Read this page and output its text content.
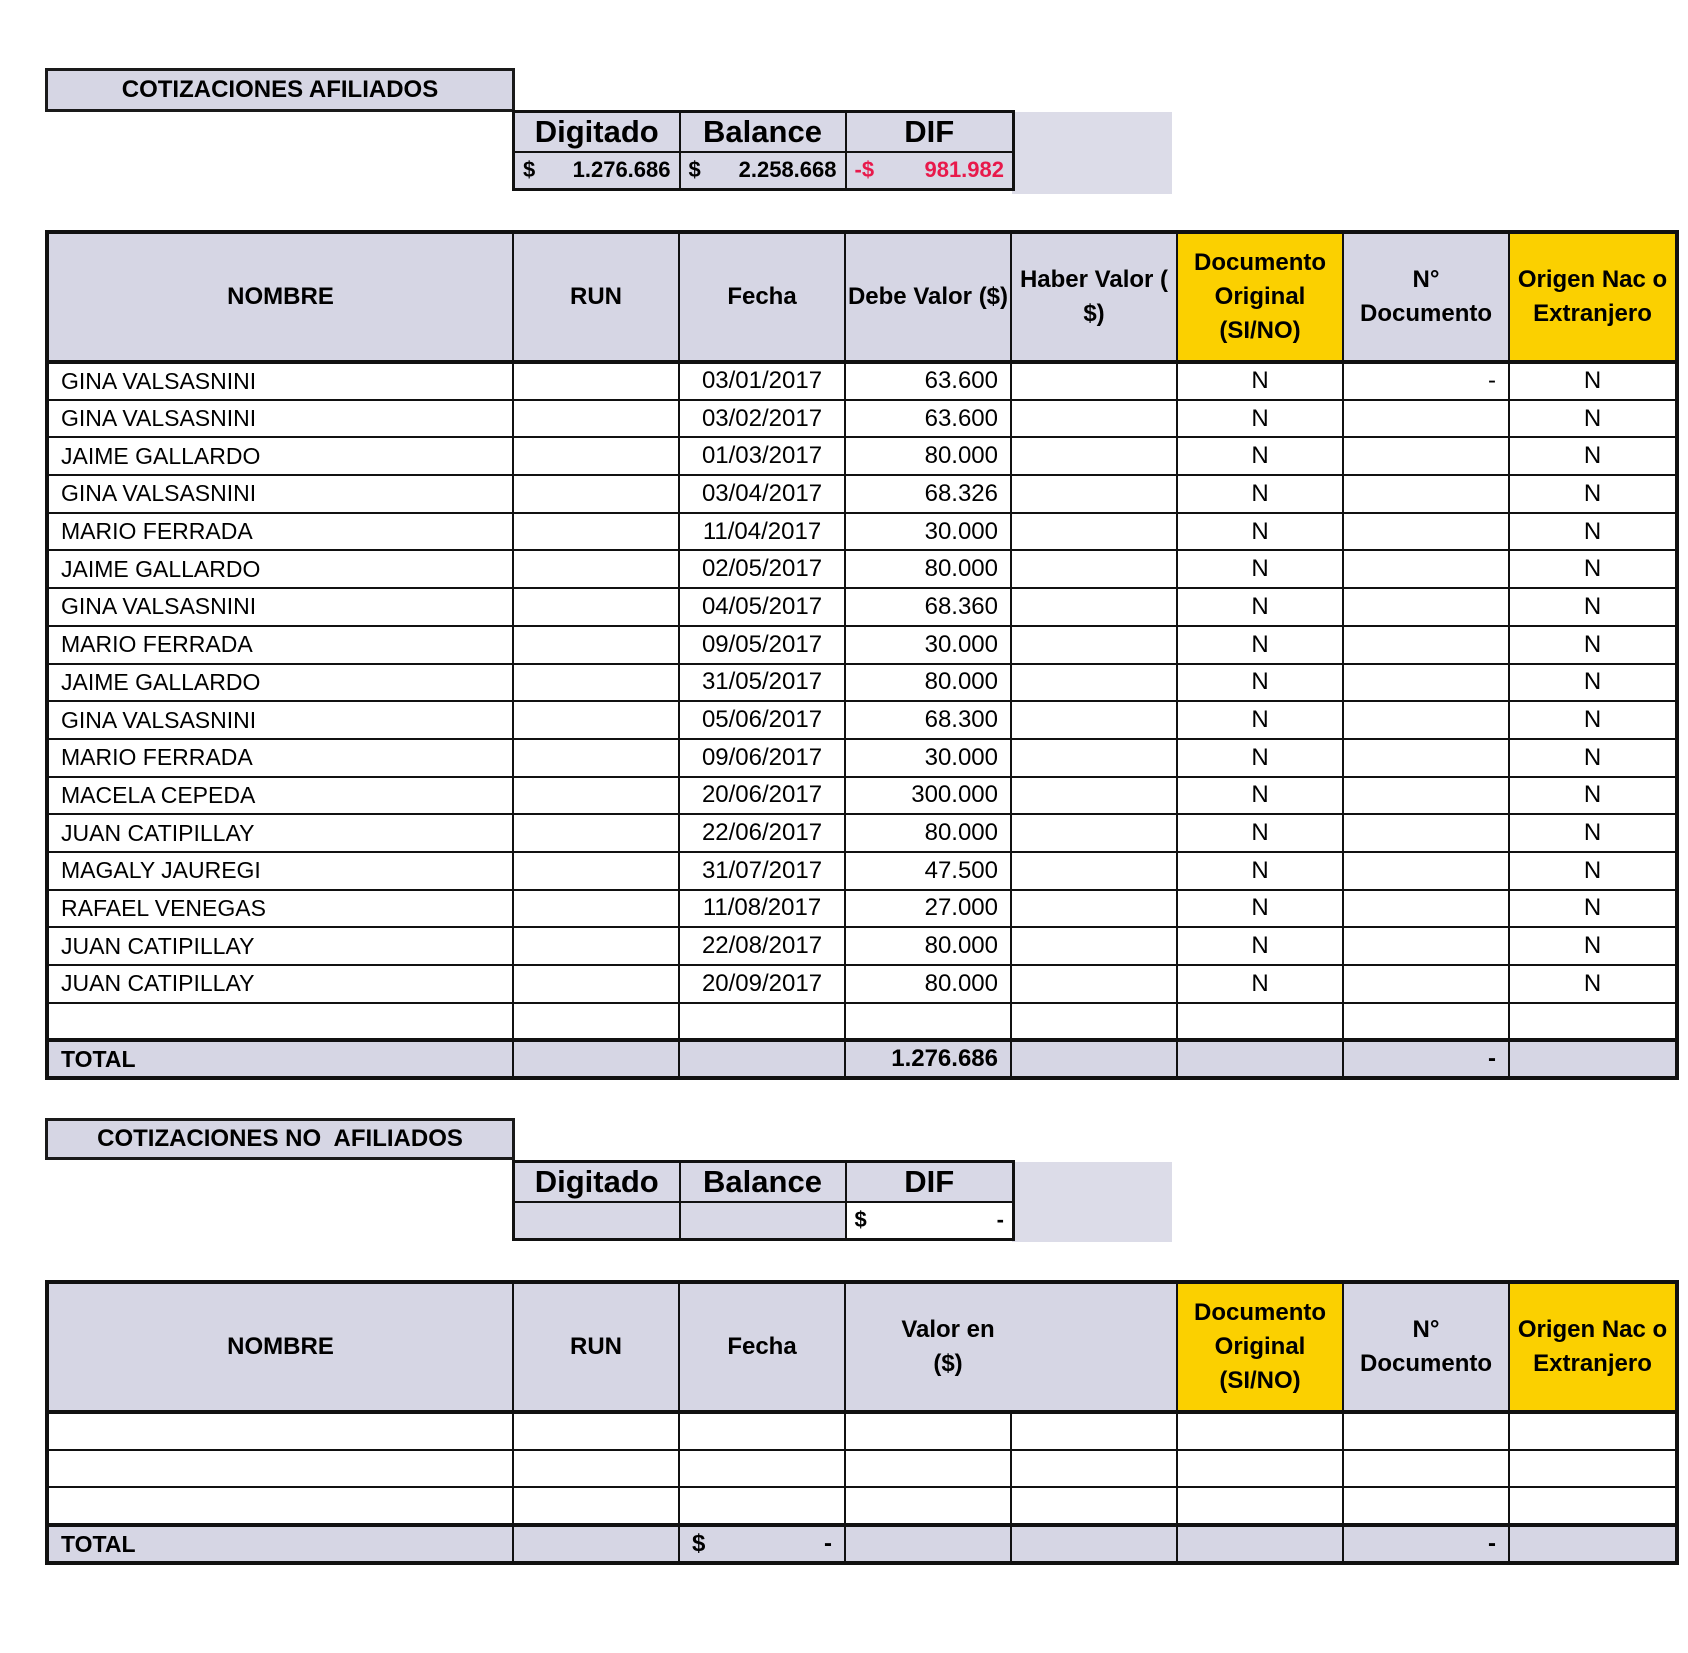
COTIZACIONES AFILIADOS
Digitado	Balance	DIF

$ 1.276.686	$ 2.258.668	-$ 981.982
NOMBRE	RUN	Fecha	Debe Valor ($)	Haber Valor ( $)	Documento Original (SI/NO)	N° Documento	Origen Nac o Extranjero
GINA VALSASNINI		03/01/2017	63.600		N	-	N
GINA VALSASNINI		03/02/2017	63.600		N		N
JAIME GALLARDO		01/03/2017	80.000		N		N
GINA VALSASNINI		03/04/2017	68.326		N		N
MARIO FERRADA		11/04/2017	30.000		N		N
JAIME GALLARDO		02/05/2017	80.000		N		N
GINA VALSASNINI		04/05/2017	68.360		N		N
MARIO FERRADA		09/05/2017	30.000		N		N
JAIME GALLARDO		31/05/2017	80.000		N		N
GINA VALSASNINI		05/06/2017	68.300		N		N
MARIO FERRADA		09/06/2017	30.000		N		N
MACELA CEPEDA		20/06/2017	300.000		N		N
JUAN CATIPILLAY		22/06/2017	80.000		N		N
MAGALY JAUREGI		31/07/2017	47.500		N		N
RAFAEL VENEGAS		11/08/2017	27.000		N		N
JUAN CATIPILLAY		22/08/2017	80.000		N		N
JUAN CATIPILLAY		20/09/2017	80.000		N		N

TOTAL			1.276.686			-	
COTIZACIONES NO  AFILIADOS
Digitado	Balance	DIF

		$ -
NOMBRE	RUN	Fecha	Valor en ($)		Documento Original (SI/NO)	N° Documento	Origen Nac o Extranjero

TOTAL		$ -				-	
